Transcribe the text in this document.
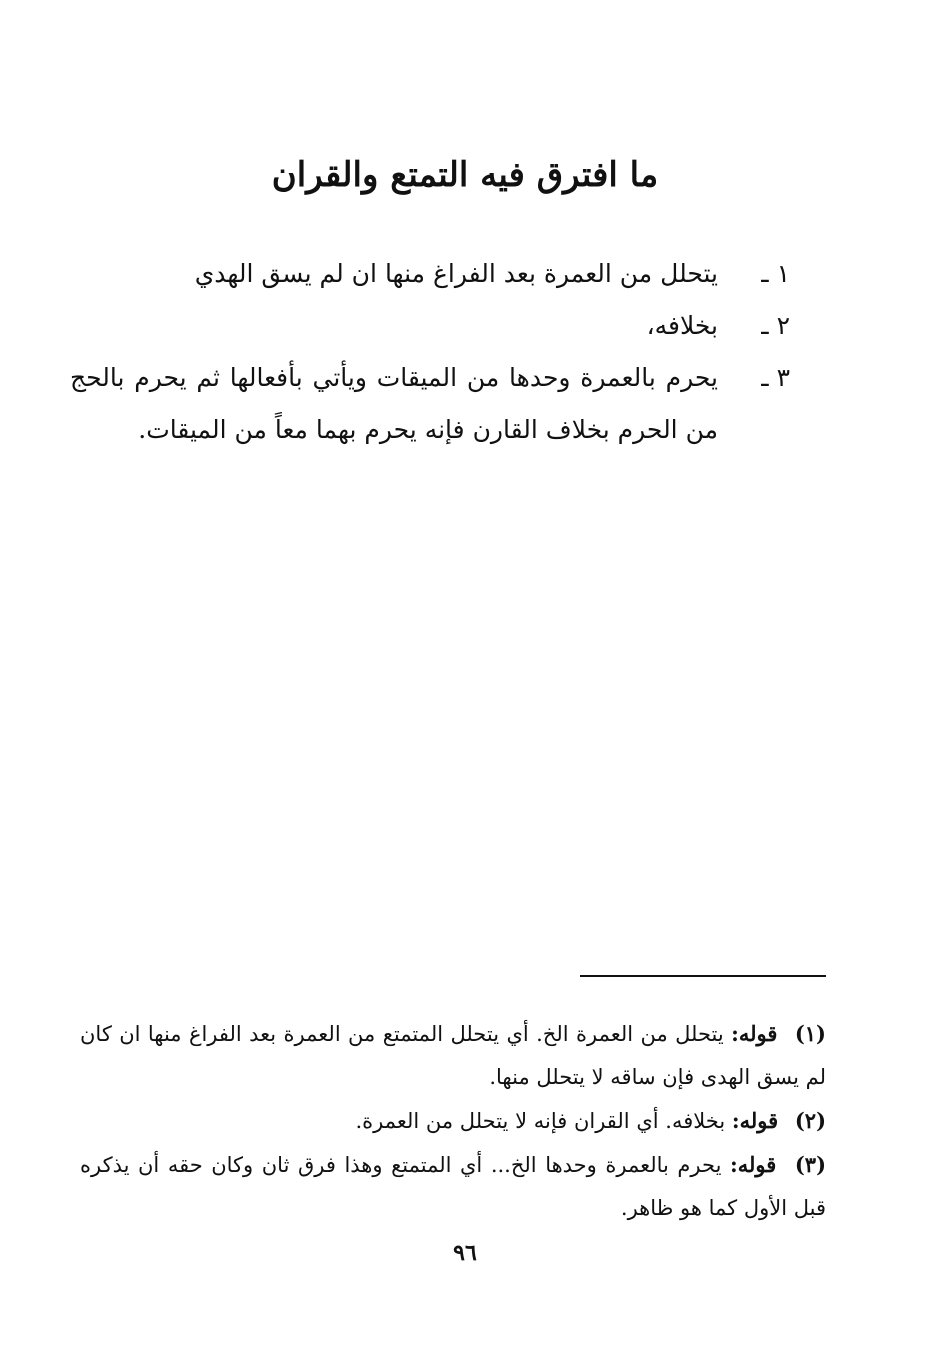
ما افترق فيه التمتع والقران
١ ـ
يتحلل من العمرة بعد الفراغ منها ان لم يسق الهدي
٢ ـ
بخلافه،
٣ ـ
يحرم بالعمرة وحدها من الميقات ويأتي بأفعالها ثم يحرم بالحج من الحرم بخلاف القارن فإنه يحرم بهما معاً من الميقات.
(١) قوله: يتحلل من العمرة الخ. أي يتحلل المتمتع من العمرة بعد الفراغ منها ان كان لم يسق الهدى فإن ساقه لا يتحلل منها.
(٢) قوله: بخلافه. أي القران فإنه لا يتحلل من العمرة.
(٣) قوله: يحرم بالعمرة وحدها الخ... أي المتمتع وهذا فرق ثان وكان حقه أن يذكره قبل الأول كما هو ظاهر.
٩٦
